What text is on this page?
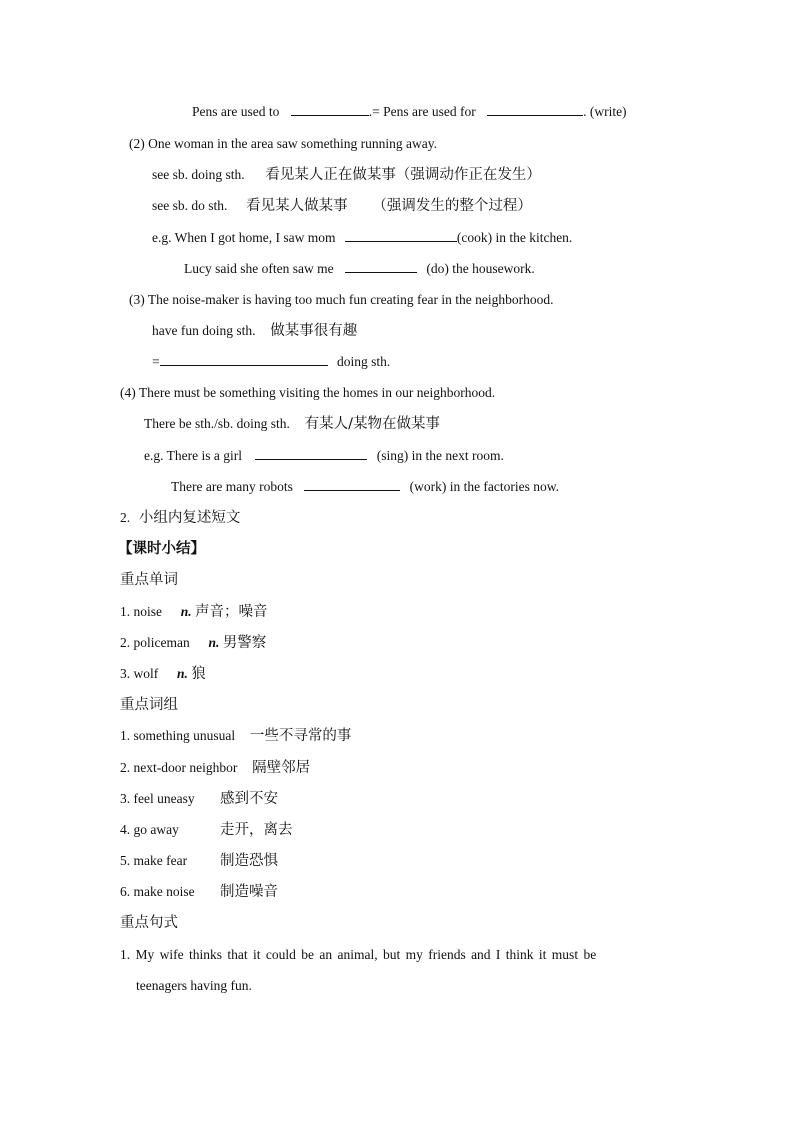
Pens are used to	.= Pens are used for	. (write)
(2) One woman in the area saw something running away.
see sb. doing sth. 看见某人正在做某事（强调动作正在发生）
see sb. do sth. 看见某人做某事 （强调发生的整个过程）
e.g. When I got home, I saw mom	(cook) in the kitchen.
Lucy said she often saw me	(do) the housework.
(3) The noise-maker is having too much fun creating fear in the neighborhood.
have fun doing sth. 做某事很有趣
=	doing sth.
(4) There must be something visiting the homes in our neighborhood.
There be sth./sb. doing sth. 有某人/某物在做某事
e.g. There is a girl	(sing) in the next room.
There are many robots	(work) in the factories now.
2. 小组内复述短文
【课时小结】
重点单词
1. noise n. 声音；噪音
2. policeman n. 男警察
3. wolf n. 狼
重点词组
1. something unusual 一些不寻常的事
2. next-door neighbor 隔壁邻居
3. feel uneasy 感到不安
4. go away	走开，离去
5. make fear 制造恐惧
6. make noise 制造噪音
重点句式
1. My wife thinks that it could be an animal, but my friends and I think it must be
teenagers having fun.
